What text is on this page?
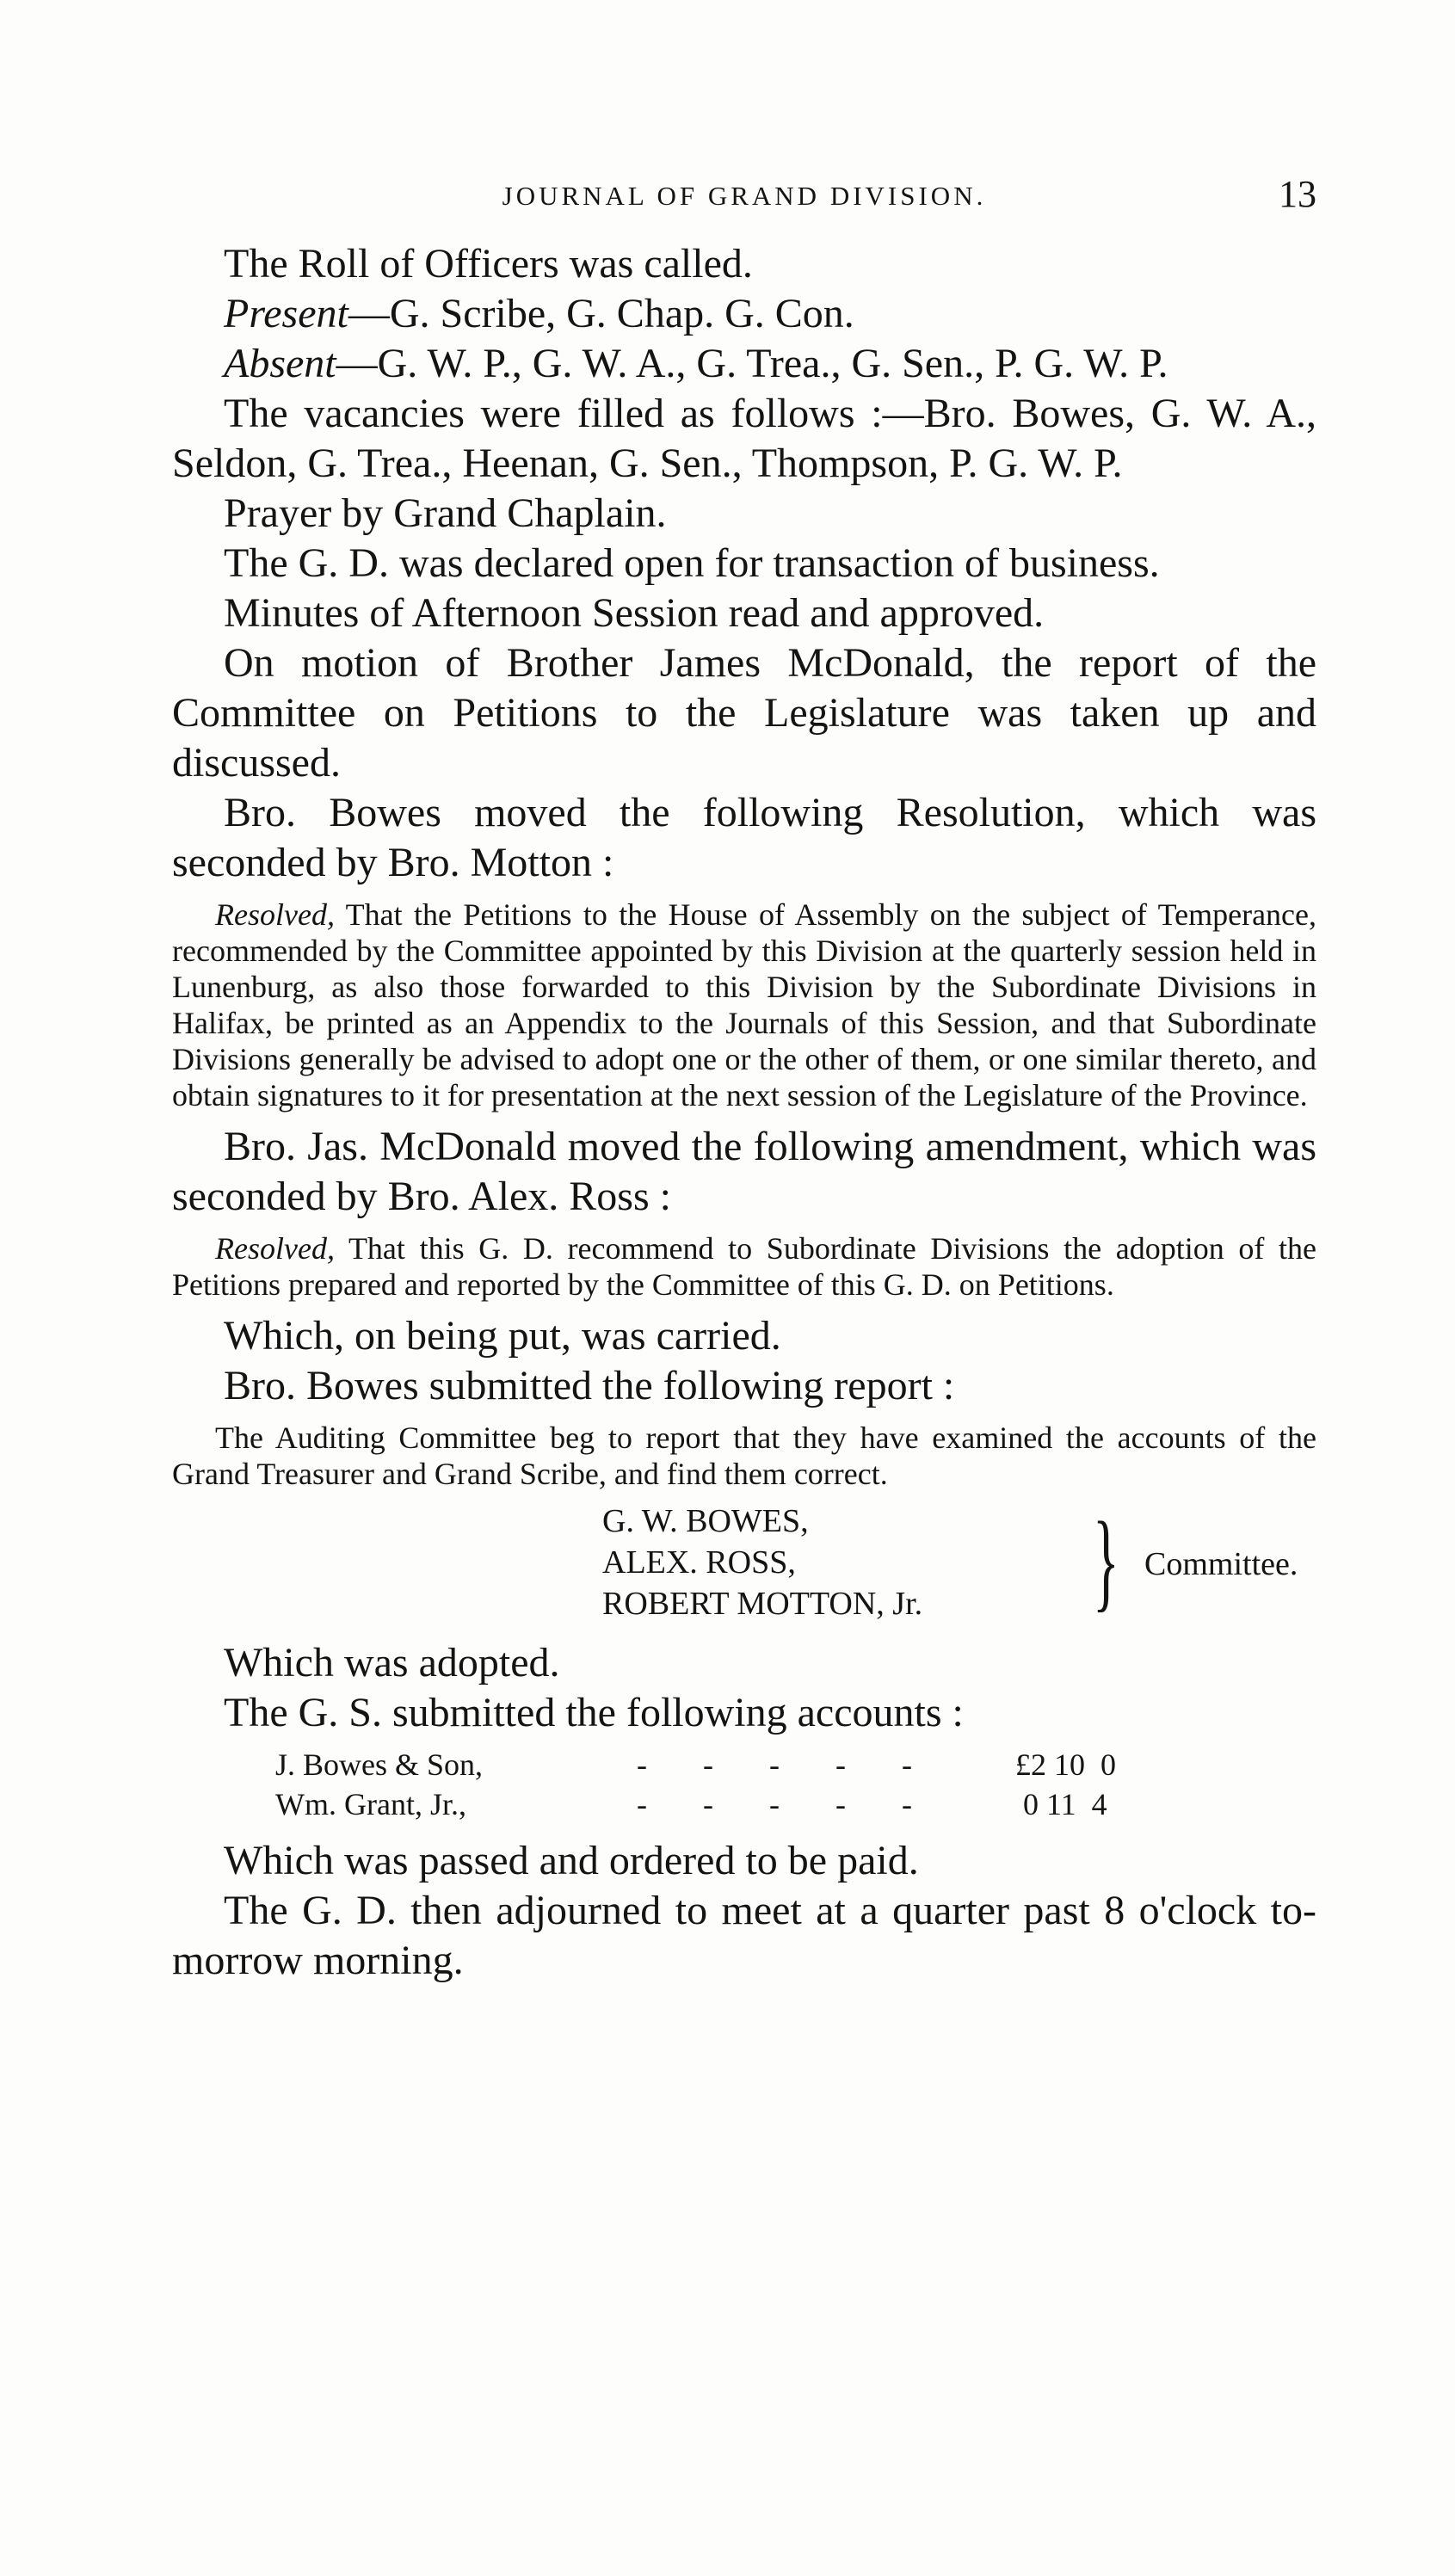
JOURNAL OF GRAND DIVISION.	13

The Roll of Officers was called.

Present—G. Scribe, G. Chap. G. Con.

Absent—G. W. P., G. W. A., G. Trea., G. Sen., P. G. W. P.

The vacancies were filled as follows :—Bro. Bowes, G. W. A., Seldon, G. Trea., Heenan, G. Sen., Thompson, P. G. W. P.

Prayer by Grand Chaplain.

The G. D. was declared open for transaction of business.

Minutes of Afternoon Session read and approved.

On motion of Brother James McDonald, the report of the Committee on Petitions to the Legislature was taken up and discussed.

Bro. Bowes moved the following Resolution, which was seconded by Bro. Motton :

Resolved, That the Petitions to the House of Assembly on the subject of Temperance, recommended by the Committee appointed by this Division at the quarterly session held in Lunenburg, as also those forwarded to this Division by the Subordinate Divisions in Halifax, be printed as an Appendix to the Journals of this Session, and that Subordinate Divisions generally be advised to adopt one or the other of them, or one similar thereto, and obtain signatures to it for presentation at the next session of the Legislature of the Province.

Bro. Jas. McDonald moved the following amendment, which was seconded by Bro. Alex. Ross :

Resolved, That this G. D. recommend to Subordinate Divisions the adoption of the Petitions prepared and reported by the Committee of this G. D. on Petitions.

Which, on being put, was carried.

Bro. Bowes submitted the following report :

The Auditing Committee beg to report that they have examined the accounts of the Grand Treasurer and Grand Scribe, and find them correct.

G. W. BOWES,
ALEX. ROSS,
ROBERT MOTTON, Jr. } Committee.

Which was adopted.

The G. S. submitted the following accounts :

J. Bowes & Son,	- - - - -	£2 10  0
Wm. Grant, Jr.,	- - - - -	0 11  4

Which was passed and ordered to be paid.

The G. D. then adjourned to meet at a quarter past 8 o'clock to-morrow morning.
